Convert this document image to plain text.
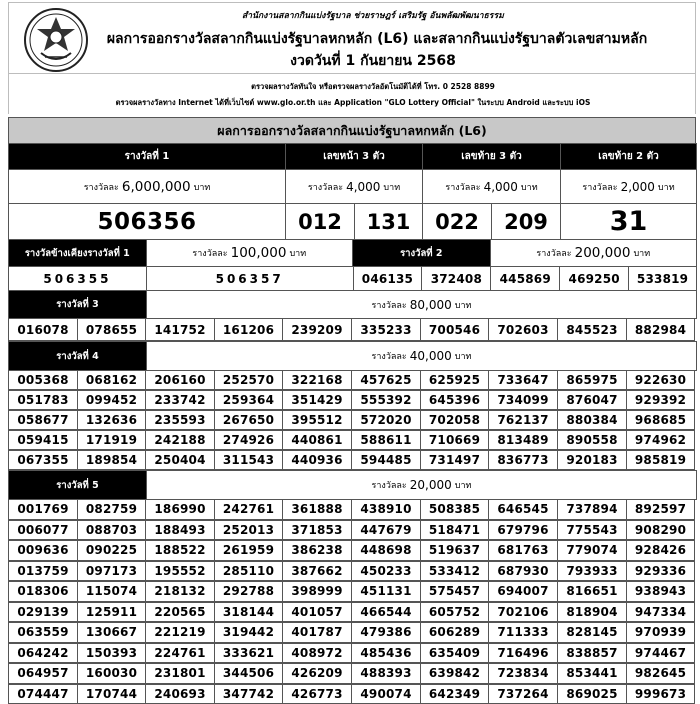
สำนักงานสลากกินแบ่งรัฐบาล ช่วยราษฎร์ เสริมรัฐ อันพลัฒพัฒนาธรรม
ผลการออกรางวัลสลากกินแบ่งรัฐบาลหกหลัก (L6) และสลากกินแบ่งรัฐบาลตัวเลขสามหลัก
งวดวันที่ 1 กันยายน 2568
ตรวจผลรางวัลทันใจ หรือตรวจผลรางวัลอัตโนมัติได้ที่ โทร. 0 2528 8899
ตรวจผลรางวัลทาง Internet ได้ที่เว็บไซต์ www.glo.or.th และ Application "GLO Lottery Official" ในระบบ Android และระบบ iOS
ผลการออกรางวัลสลากกินแบ่งรัฐบาลหกหลัก (L6)
รางวัลที่ 1	เลขหน้า 3 ตัว	เลขท้าย 3 ตัว	เลขท้าย 2 ตัว
รางวัลละ 6,000,000 บาท	รางวัลละ 4,000 บาท	รางวัลละ 4,000 บาท	รางวัลละ 2,000 บาท
506356	012	131	022	209	31
รางวัลข้างเคียงรางวัลที่ 1	รางวัลละ 100,000 บาท	รางวัลที่ 2	รางวัลละ 200,000 บาท
506355	506357	046135	372408	445869	469250	533819
รางวัลที่ 3	รางวัลละ 80,000 บาท
016078	078655	141752	161206	239209	335233	700546	702603	845523	882984
รางวัลที่ 4	รางวัลละ 40,000 บาท
005368	068162	206160	252570	322168	457625	625925	733647	865975	922630
051783	099452	233742	259364	351429	555392	645396	734099	876047	929392
058677	132636	235593	267650	395512	572020	702058	762137	880384	968685
059415	171919	242188	274926	440861	588611	710669	813489	890558	974962
067355	189854	250404	311543	440936	594485	731497	836773	920183	985819
รางวัลที่ 5	รางวัลละ 20,000 บาท
001769	082759	186990	242761	361888	438910	508385	646545	737894	892597
006077	088703	188493	252013	371853	447679	518471	679796	775543	908290
009636	090225	188522	261959	386238	448698	519637	681763	779074	928426
013759	097173	195552	285110	387662	450233	533412	687930	793933	929336
018306	115074	218132	292788	398999	451131	575457	694007	816651	938943
029139	125911	220565	318144	401057	466544	605752	702106	818904	947334
063559	130667	221219	319442	401787	479386	606289	711333	828145	970939
064242	150393	224761	333621	408972	485436	635409	716496	838857	974467
064957	160030	231801	344506	426209	488393	639842	723834	853441	982645
074447	170744	240693	347742	426773	490074	642349	737264	869025	999673
